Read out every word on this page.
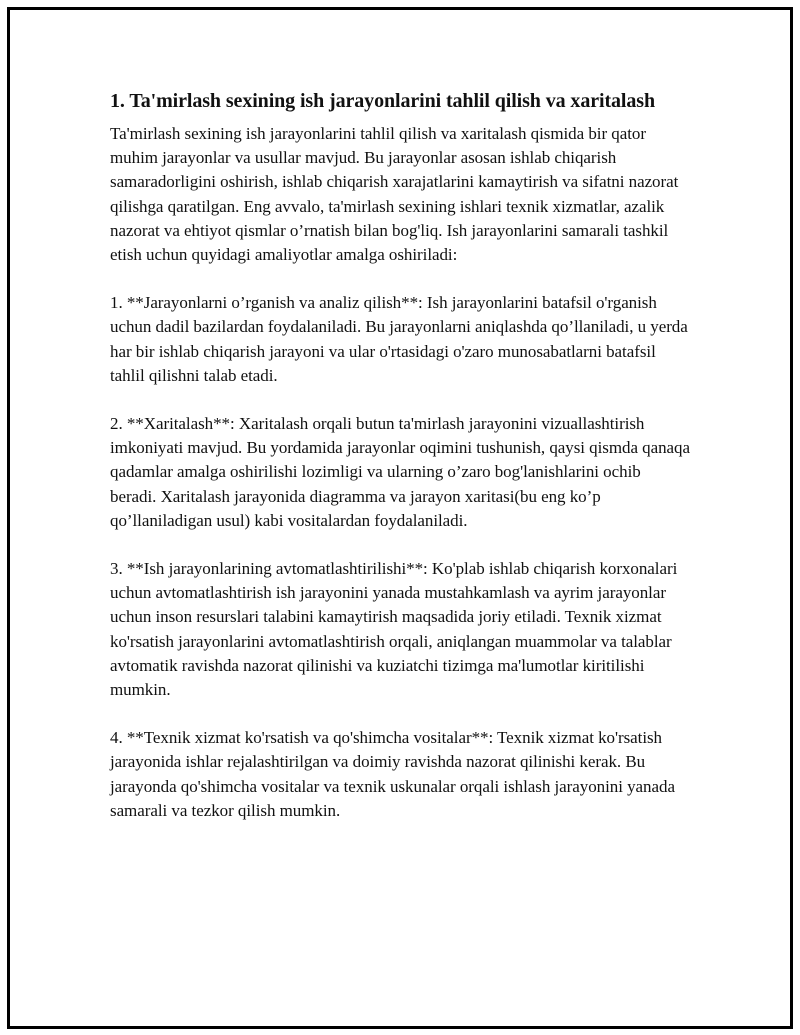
1. Ta'mirlash sexining ish jarayonlarini tahlil qilish va xaritalash

Ta'mirlash sexining ish jarayonlarini tahlil qilish va xaritalash qismida bir qator muhim jarayonlar va usullar mavjud. Bu jarayonlar asosan ishlab chiqarish samaradorligini oshirish, ishlab chiqarish xarajatlarini kamaytirish va sifatni nazorat qilishga qaratilgan. Eng avvalo, ta'mirlash sexining ishlari texnik xizmatlar, azalik nazorat va ehtiyot qismlar o’rnatish bilan bog'liq. Ish jarayonlarini samarali tashkil etish uchun quyidagi amaliyotlar amalga oshiriladi:

1. **Jarayonlarni o’rganish va analiz qilish**: Ish jarayonlarini batafsil o'rganish uchun dadil bazilardan foydalaniladi. Bu jarayonlarni aniqlashda qo’llaniladi, u yerda har bir ishlab chiqarish jarayoni va ular o'rtasidagi o'zaro munosabatlarni batafsil tahlil qilishni talab etadi.

2. **Xaritalash**: Xaritalash orqali butun ta'mirlash jarayonini vizuallashtirish imkoniyati mavjud. Bu yordamida jarayonlar oqimini tushunish, qaysi qismda qanaqa qadamlar amalga oshirilishi lozimligi va ularning o’zaro bog'lanishlarini ochib beradi. Xaritalash jarayonida diagramma va jarayon xaritasi(bu eng ko’p qo’llaniladigan usul) kabi vositalardan foydalaniladi.

3. **Ish jarayonlarining avtomatlashtirilishi**: Ko'plab ishlab chiqarish korxonalari uchun avtomatlashtirish ish jarayonini yanada mustahkamlash va ayrim jarayonlar uchun inson resurslari talabini kamaytirish maqsadida joriy etiladi. Texnik xizmat ko'rsatish jarayonlarini avtomatlashtirish orqali, aniqlangan muammolar va talablar avtomatik ravishda nazorat qilinishi va kuziatchi tizimga ma'lumotlar kiritilishi mumkin.

4. **Texnik xizmat ko'rsatish va qo'shimcha vositalar**: Texnik xizmat ko'rsatish jarayonida ishlar rejalashtirilgan va doimiy ravishda nazorat qilinishi kerak. Bu jarayonda qo'shimcha vositalar va texnik uskunalar orqali ishlash jarayonini yanada samarali va tezkor qilish mumkin.
